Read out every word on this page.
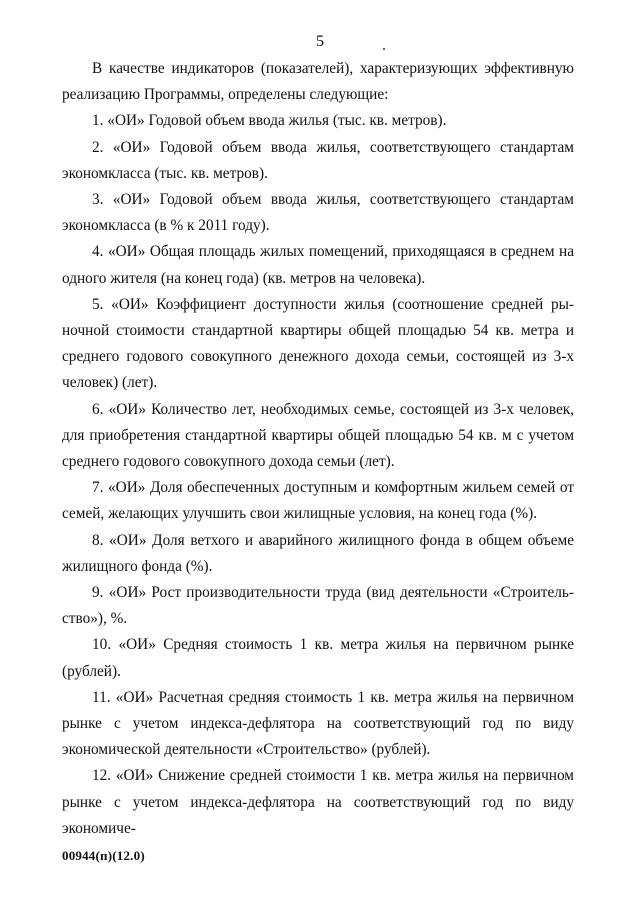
5

В качестве индикаторов (показателей), характеризующих эффективную реализацию Программы, определены следующие:

1. «ОИ» Годовой объем ввода жилья (тыс. кв. метров).

2. «ОИ» Годовой объем ввода жилья, соответствующего стандартам экономкласса (тыс. кв. метров).

3. «ОИ» Годовой объем ввода жилья, соответствующего стандартам экономкласса (в % к 2011 году).

4. «ОИ» Общая площадь жилых помещений, приходящаяся в среднем на одного жителя (на конец года) (кв. метров на человека).

5. «ОИ» Коэффициент доступности жилья (соотношение средней рыночной стоимости стандартной квартиры общей площадью 54 кв. метра и среднего годового совокупного денежного дохода семьи, состоящей из 3-х человек) (лет).

6. «ОИ» Количество лет, необходимых семье, состоящей из 3-х человек, для приобретения стандартной квартиры общей площадью 54 кв. м с учетом среднего годового совокупного дохода семьи (лет).

7. «ОИ» Доля обеспеченных доступным и комфортным жильем семей от семей, желающих улучшить свои жилищные условия, на конец года (%).

8. «ОИ» Доля ветхого и аварийного жилищного фонда в общем объеме жилищного фонда (%).

9. «ОИ» Рост производительности труда (вид деятельности «Строительство»), %.

10. «ОИ» Средняя стоимость 1 кв. метра жилья на первичном рынке (рублей).

11. «ОИ» Расчетная средняя стоимость 1 кв. метра жилья на первичном рынке с учетом индекса-дефлятора на соответствующий год по виду экономической деятельности «Строительство» (рублей).

12. «ОИ» Снижение средней стоимости 1 кв. метра жилья на первичном рынке с учетом индекса-дефлятора на соответствующий год по виду экономиче-

00944(п)(12.0)
